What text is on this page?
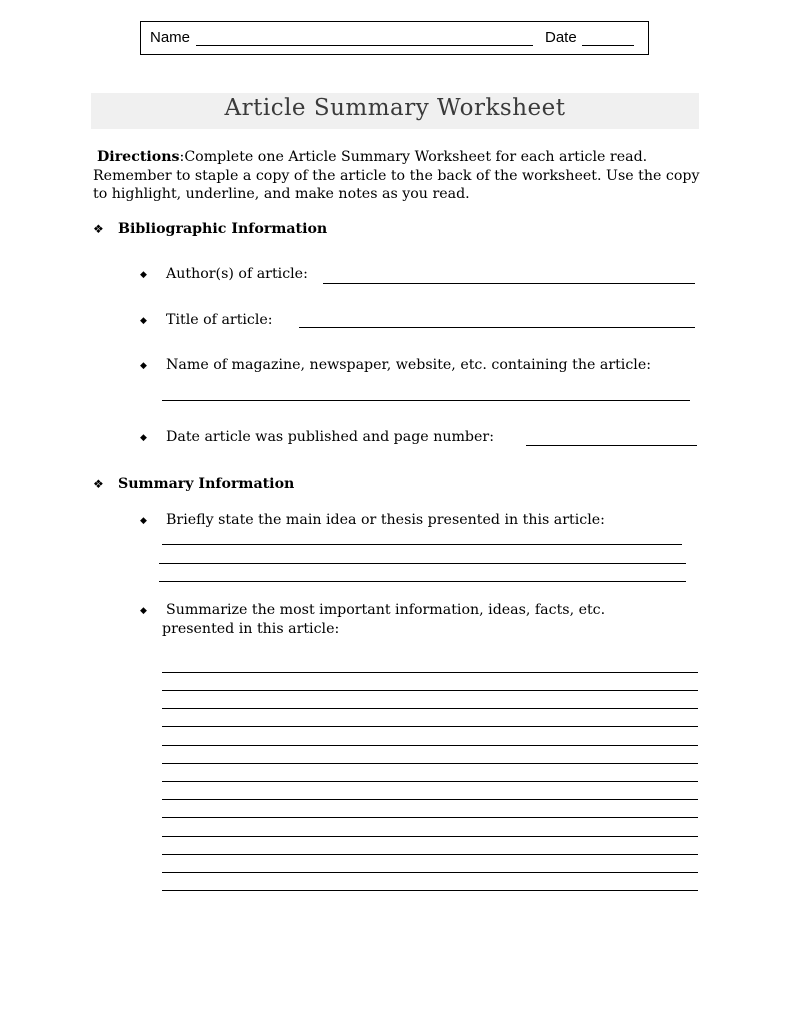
Name	Date
Article Summary Worksheet
Directions:Complete one Article Summary Worksheet for each article read. Remember to staple a copy of the article to the back of the worksheet. Use the copy to highlight, underline, and make notes as you read.
❖ Bibliographic Information
◆ Author(s) of article:
◆ Title of article:
◆ Name of magazine, newspaper, website, etc. containing the article:
◆ Date article was published and page number:
❖ Summary Information
◆ Briefly state the main idea or thesis presented in this article:
◆ Summarize the most important information, ideas, facts, etc.
presented in this article:
